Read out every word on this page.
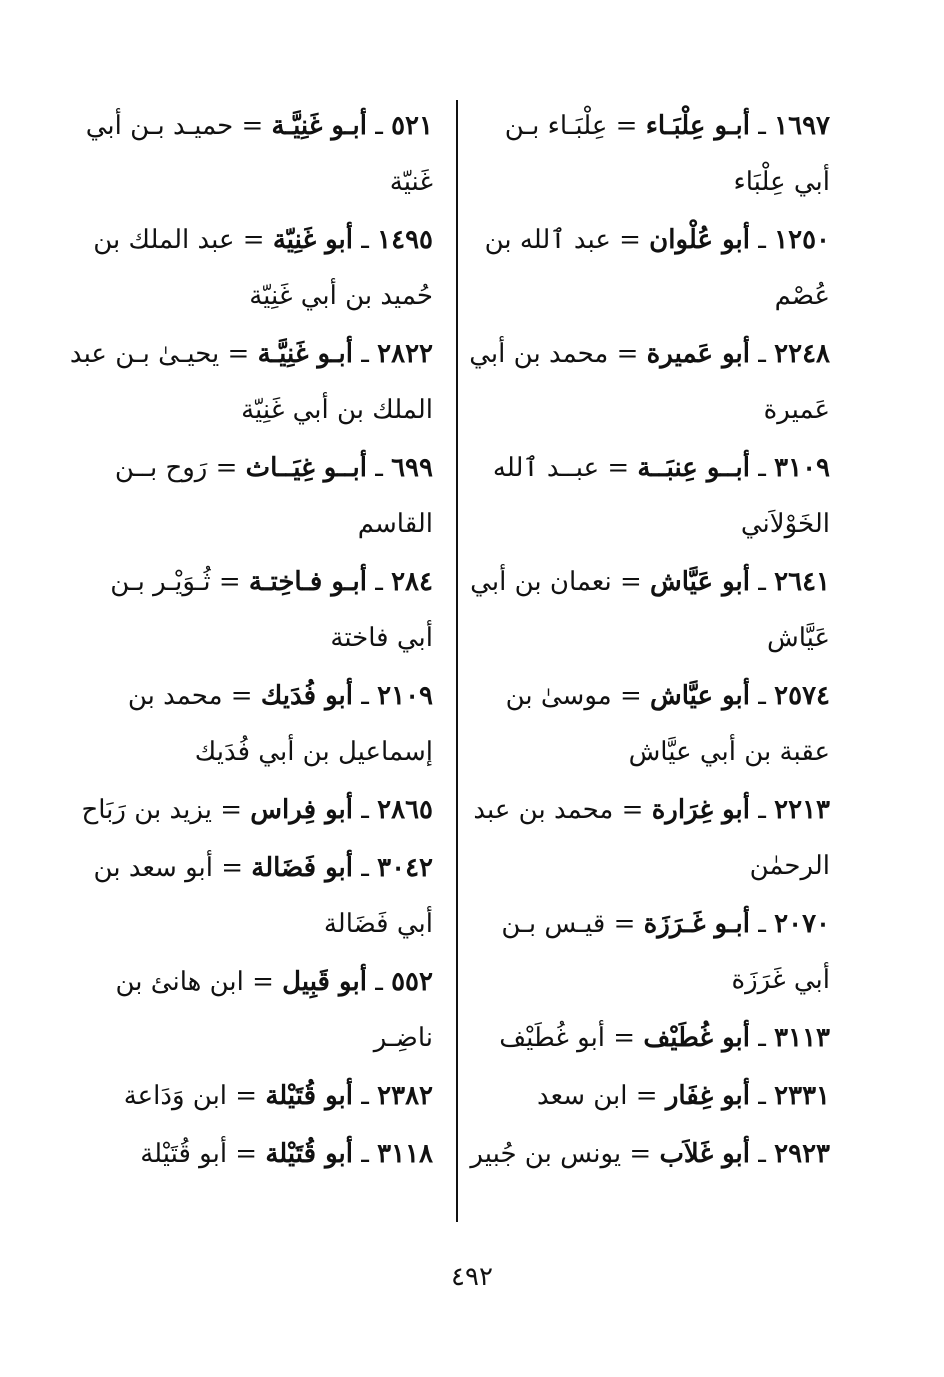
١٦٩٧ ـ أبـو عِلْبَـاء = عِلْبَـاء بـن أبي عِلْبَاء
١٢٥٠ ـ أبو عُلْوان = عبد ٱلله بن عُصْم
٢٢٤٨ ـ أبو عَميرة = محمد بن أبي عَميرة
٣١٠٩ ـ أبــو عِنبَــة = عبــد ٱلله الخَوْلاَني
٢٦٤١ ـ أبو عَيَّاش = نعمان بن أبي عَيَّاش
٢٥٧٤ ـ أبو عيَّاش = موسىٰ بن عقبة بن أبي عيَّاش
٢٢١٣ ـ أبو غِرَارة = محمد بن عبد الرحمٰن
٢٠٧٠ ـ أبـو غَـرَزَة = قيـس بـن أبي غَرَزَة
٣١١٣ ـ أبو غُطَيْف = أبو غُطَيْف
٢٣٣١ ـ أبو غِفَار = ابن سعد
٢٩٢٣ ـ أبو غَلاَب = يونس بن جُبير
٥٢١ ـ أبـو غَنِيَّـة = حميـد بـن أبي غَنيّة
١٤٩٥ ـ أبو غَنِيّة = عبد الملك بن حُميد بن أبي غَنِيّة
٢٨٢٢ ـ أبـو غَنِيَّـة = يحيـىٰ بـن عبد الملك بن أبي غَنِيّة
٦٩٩ ـ أبــو غِيَــاث = رَوح بــن القاسم
٢٨٤ ـ أبـو فـاخِتـة = ثُـوَيْـر بـن أبي فاختة
٢١٠٩ ـ أبو فُدَيك = محمد بن إسماعيل بن أبي فُدَيك
٢٨٦٥ ـ أبو فِراس = يزيد بن رَبَاح
٣٠٤٢ ـ أبو فَضَالة = أبو سعد بن أبي فَضَالة
٥٥٢ ـ أبو قَبِيل = ابن هانئ بن ناضِـر
٢٣٨٢ ـ أبو قُتَيْلة = ابن وَدَاعة
٣١١٨ ـ أبو قُتَيْلة = أبو قُتَيْلة
٤٩٢
